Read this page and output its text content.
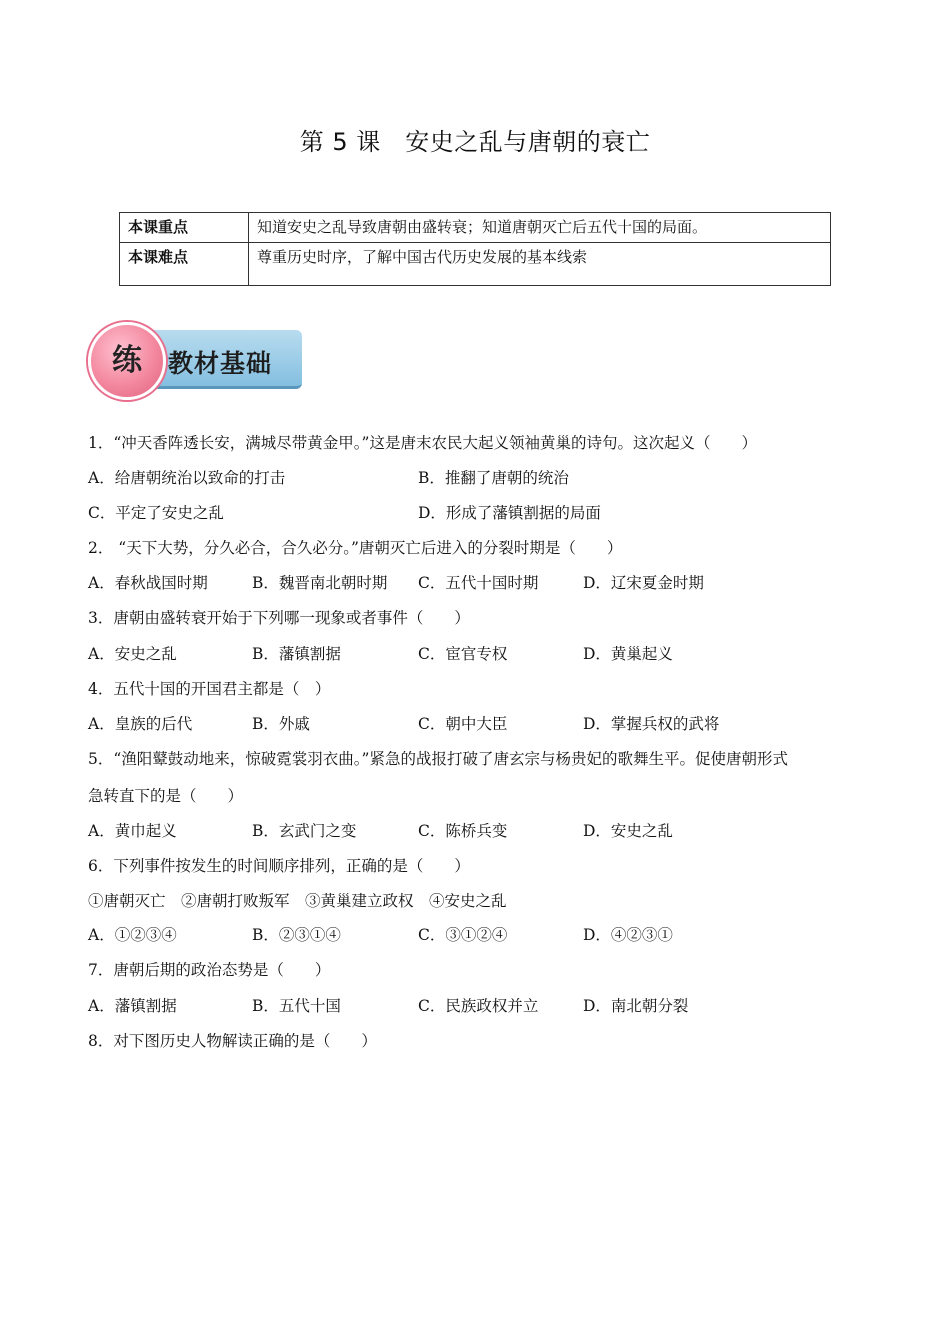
第 5 课　安史之乱与唐朝的衰亡
本课重点	知道安史之乱导致唐朝由盛转衰；知道唐朝灭亡后五代十国的局面。
本课难点	尊重历史时序，了解中国古代历史发展的基本线索
教材基础
练
1．“冲天香阵透长安，满城尽带黄金甲。”这是唐末农民大起义领袖黄巢的诗句。这次起义（　　）
A．给唐朝统治以致命的打击	B．推翻了唐朝的统治
C．平定了安史之乱	D．形成了藩镇割据的局面
2． “天下大势，分久必合，合久必分。”唐朝灭亡后进入的分裂时期是（　　）
A．春秋战国时期	B．魏晋南北朝时期 C．五代十国时期	D．辽宋夏金时期
3．唐朝由盛转衰开始于下列哪一现象或者事件（　　）
A．安史之乱	B．藩镇割据	C．宦官专权	D．黄巢起义
4．五代十国的开国君主都是（　）
A．皇族的后代	B．外戚	C．朝中大臣	D．掌握兵权的武将
5．“渔阳鼙鼓动地来，惊破霓裳羽衣曲。”紧急的战报打破了唐玄宗与杨贵妃的歌舞生平。促使唐朝形式
急转直下的是（　　）
A．黄巾起义	B．玄武门之变	C．陈桥兵变	D．安史之乱
6．下列事件按发生的时间顺序排列，正确的是（　　）
①唐朝灭亡　②唐朝打败叛军　③黄巢建立政权　④安史之乱
A．①②③④	B．②③①④	C．③①②④	D．④②③①
7．唐朝后期的政治态势是（　　）
A．藩镇割据	B．五代十国	C．民族政权并立	D．南北朝分裂
8．对下图历史人物解读正确的是（　　）
